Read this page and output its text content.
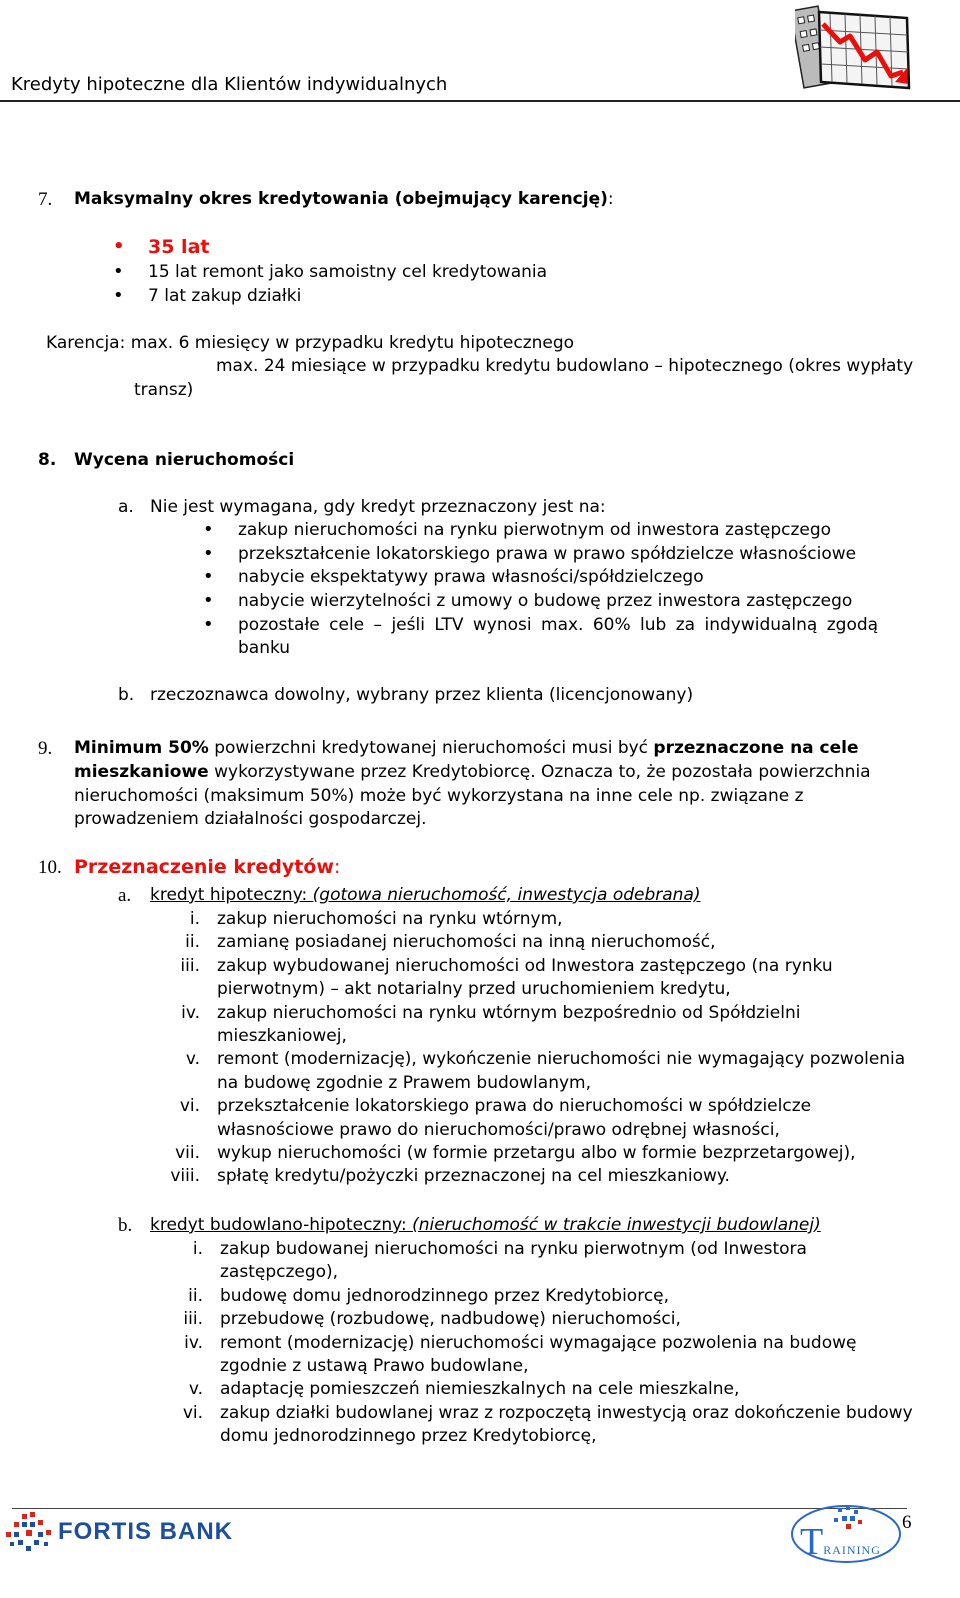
Kredyty hipoteczne dla Klientów indywidualnych
7. Maksymalny okres kredytowania (obejmujący karencję):
• 35 lat
• 15 lat remont jako samoistny cel kredytowania
• 7 lat zakup działki
Karencja: max. 6 miesięcy w przypadku kredytu hipotecznego
max. 24 miesiące w przypadku kredytu budowlano – hipotecznego (okres wypłaty
transz)
8. Wycena nieruchomości
a. Nie jest wymagana, gdy kredyt przeznaczony jest na:
• zakup nieruchomości na rynku pierwotnym od inwestora zastępczego
• przekształcenie lokatorskiego prawa w prawo spółdzielcze własnościowe
• nabycie ekspektatywy prawa własności/spółdzielczego
• nabycie wierzytelności z umowy o budowę przez inwestora zastępczego
• pozostałe cele – jeśli LTV wynosi max. 60% lub za indywidualną zgodą
banku
b. rzeczoznawca dowolny, wybrany przez klienta (licencjonowany)
9. Minimum 50% powierzchni kredytowanej nieruchomości musi być przeznaczone na cele
mieszkaniowe wykorzystywane przez Kredytobiorcę. Oznacza to, że pozostała powierzchnia
nieruchomości (maksimum 50%) może być wykorzystana na inne cele np. związane z
prowadzeniem działalności gospodarczej.
10. Przeznaczenie kredytów:
a. kredyt hipoteczny: (gotowa nieruchomość, inwestycja odebrana)
i. zakup nieruchomości na rynku wtórnym,
ii. zamianę posiadanej nieruchomości na inną nieruchomość,
iii. zakup wybudowanej nieruchomości od Inwestora zastępczego (na rynku
pierwotnym) – akt notarialny przed uruchomieniem kredytu,
iv. zakup nieruchomości na rynku wtórnym bezpośrednio od Spółdzielni
mieszkaniowej,
v. remont (modernizację), wykończenie nieruchomości nie wymagający pozwolenia
na budowę zgodnie z Prawem budowlanym,
vi. przekształcenie lokatorskiego prawa do nieruchomości w spółdzielcze
własnościowe prawo do nieruchomości/prawo odrębnej własności,
vii. wykup nieruchomości (w formie przetargu albo w formie bezprzetargowej),
viii. spłatę kredytu/pożyczki przeznaczonej na cel mieszkaniowy.
b. kredyt budowlano-hipoteczny: (nieruchomość w trakcie inwestycji budowlanej)
i. zakup budowanej nieruchomości na rynku pierwotnym (od Inwestora
zastępczego),
ii. budowę domu jednorodzinnego przez Kredytobiorcę,
iii. przebudowę (rozbudowę, nadbudowę) nieruchomości,
iv. remont (modernizację) nieruchomości wymagające pozwolenia na budowę
zgodnie z ustawą Prawo budowlane,
v. adaptację pomieszczeń niemieszkalnych na cele mieszkalne,
vi. zakup działki budowlanej wraz z rozpoczętą inwestycją oraz dokończenie budowy
domu jednorodzinnego przez Kredytobiorcę,
FORTIS BANK	TRAINING
6
